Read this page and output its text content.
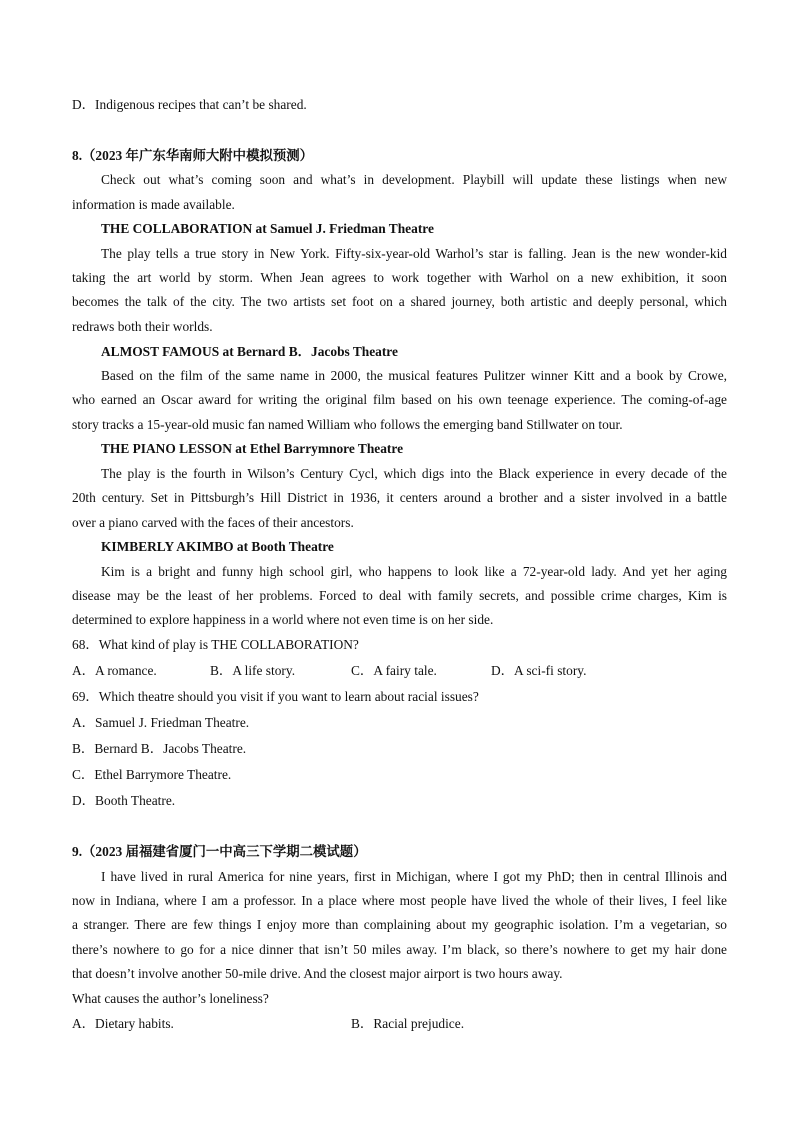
D．Indigenous recipes that can’t be shared.
8.（2023 年广东华南师大附中模拟预测）
Check out what’s coming soon and what’s in development. Playbill will update these listings when new
information is made available.
THE COLLABORATION at Samuel J. Friedman Theatre
The play tells a true story in New York. Fifty-six-year-old Warhol’s star is falling. Jean is the new wonder-kid
taking the art world by storm. When Jean agrees to work together with Warhol on a new exhibition, it soon
becomes the talk of the city. The two artists set foot on a shared journey, both artistic and deeply personal, which
redraws both their worlds.
ALMOST FAMOUS at Bernard B．Jacobs Theatre
Based on the film of the same name in 2000, the musical features Pulitzer winner Kitt and a book by Crowe,
who earned an Oscar award for writing the original film based on his own teenage experience. The coming-of-age
story tracks a 15-year-old music fan named William who follows the emerging band Stillwater on tour.
THE PIANO LESSON at Ethel Barrymnore Theatre
The play is the fourth in Wilson’s Century Cycl, which digs into the Black experience in every decade of the
20th century. Set in Pittsburgh’s Hill District in 1936, it centers around a brother and a sister involved in a battle
over a piano carved with the faces of their ancestors.
KIMBERLY AKIMBO at Booth Theatre
Kim is a bright and funny high school girl, who happens to look like a 72-year-old lady. And yet her aging
disease may be the least of her problems. Forced to deal with family secrets, and possible crime charges, Kim is
determined to explore happiness in a world where not even time is on her side.
68．What kind of play is THE COLLABORATION?
A．A romance.	B．A life story.	C．A fairy tale.	D．A sci-fi story.
69．Which theatre should you visit if you want to learn about racial issues?
A．Samuel J. Friedman Theatre.
B．Bernard B．Jacobs Theatre.
C．Ethel Barrymore Theatre.
D．Booth Theatre.
9.（2023 届福建省厦门一中高三下学期二模试题）
I have lived in rural America for nine years, first in Michigan, where I got my PhD; then in central Illinois and
now in Indiana, where I am a professor. In a place where most people have lived the whole of their lives, I feel like
a stranger. There are few things I enjoy more than complaining about my geographic isolation. I’m a vegetarian, so
there’s nowhere to go for a nice dinner that isn’t 50 miles away. I’m black, so there’s nowhere to get my hair done
that doesn’t involve another 50-mile drive. And the closest major airport is two hours away.
What causes the author’s loneliness?
A．Dietary habits.	B．Racial prejudice.
